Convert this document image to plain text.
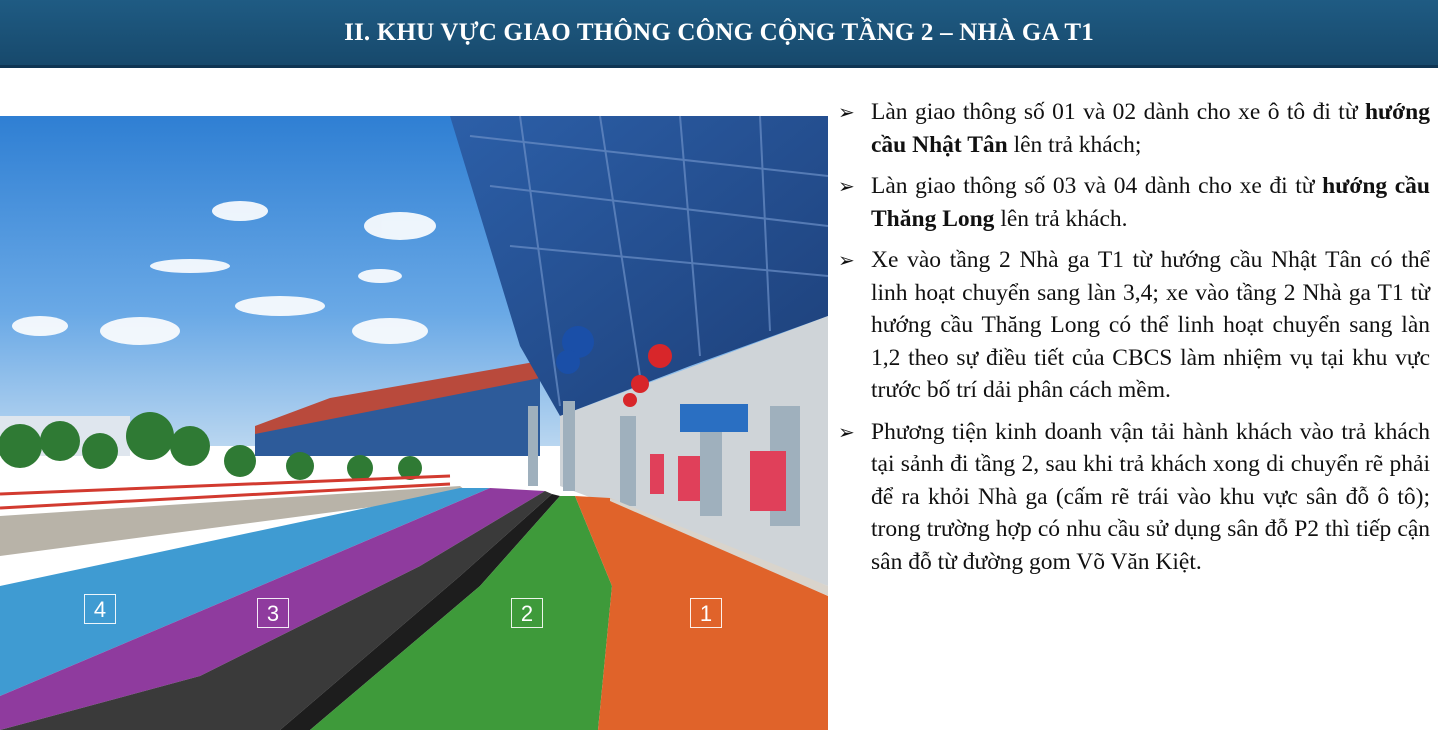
II. KHU VỰC GIAO THÔNG CÔNG CỘNG TẦNG 2 – NHÀ GA T1
4	3	2	1
➢ Làn giao thông số 01 và 02 dành cho xe ô tô đi từ hướng cầu Nhật Tân lên trả khách;
➢ Làn giao thông số 03 và 04 dành cho xe đi từ hướng cầu Thăng Long lên trả khách.
➢ Xe vào tầng 2 Nhà ga T1 từ hướng cầu Nhật Tân có thể linh hoạt chuyển sang làn 3,4; xe vào tầng 2 Nhà ga T1 từ hướng cầu Thăng Long có thể linh hoạt chuyển sang làn 1,2 theo sự điều tiết của CBCS làm nhiệm vụ tại khu vực trước bố trí dải phân cách mềm.
➢ Phương tiện kinh doanh vận tải hành khách vào trả khách tại sảnh đi tầng 2, sau khi trả khách xong di chuyển rẽ phải để ra khỏi Nhà ga (cấm rẽ trái vào khu vực sân đỗ ô tô); trong trường hợp có nhu cầu sử dụng sân đỗ P2 thì tiếp cận sân đỗ từ đường gom Võ Văn Kiệt.
